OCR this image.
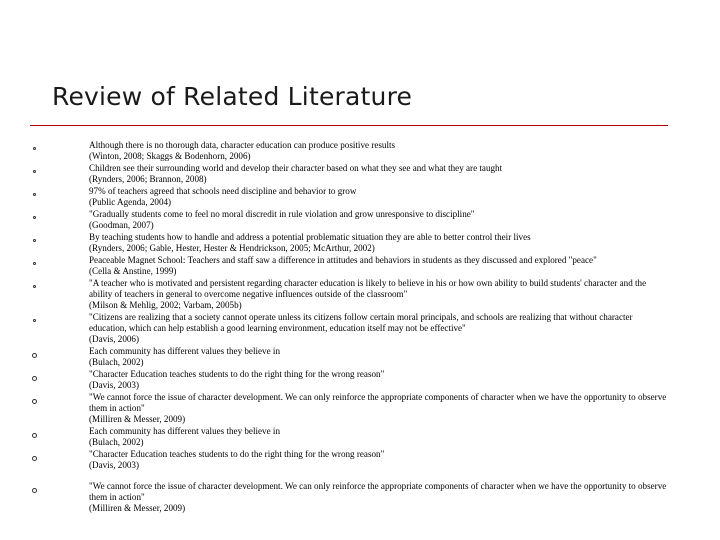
Review of Related Literature
Although there is no thorough data, character education can produce positive results
(Winton, 2008; Skaggs & Bodenhorn, 2006)
Children see their surrounding world and develop their character based on what they see and what they are taught
(Rynders, 2006; Brannon, 2008)
97% of teachers agreed that schools need discipline and behavior to grow
(Public Agenda, 2004)
"Gradually students come to feel no moral discredit in rule violation and grow unresponsive to discipline"
(Goodman, 2007)
By teaching students how to handle and address a potential problematic situation they are able to better control their lives
(Rynders, 2006; Gable, Hester, Hester & Hendrickson, 2005; McArthur, 2002)
Peaceable Magnet School: Teachers and staff saw a difference in attitudes and behaviors in students as they discussed and explored "peace"
(Cella & Anstine, 1999)
"A teacher who is motivated and persistent regarding character education is likely to believe in his or how own ability to build students' character and the ability of teachers in general to overcome negative influences outside of the classroom"
(Milson & Mehlig, 2002; Varbam, 2005b)
"Citizens are realizing that a society cannot operate unless its citizens follow certain moral principals, and schools are realizing that without character education, which can help establish a good learning environment, education itself may not be effective"
(Davis, 2006)
Each community has different values they believe in
(Bulach, 2002)
"Character Education teaches students to do the right thing for the wrong reason"
(Davis, 2003)
"We cannot force the issue of character development. We can only reinforce the appropriate components of character when we have the opportunity to observe them in action"
(Milliren & Messer, 2009)
Each community has different values they believe in
(Bulach, 2002)
"Character Education teaches students to do the right thing for the wrong reason"
(Davis, 2003)
"We cannot force the issue of character development. We can only reinforce the appropriate components of character when we have the opportunity to observe them in action"
(Milliren & Messer, 2009)
